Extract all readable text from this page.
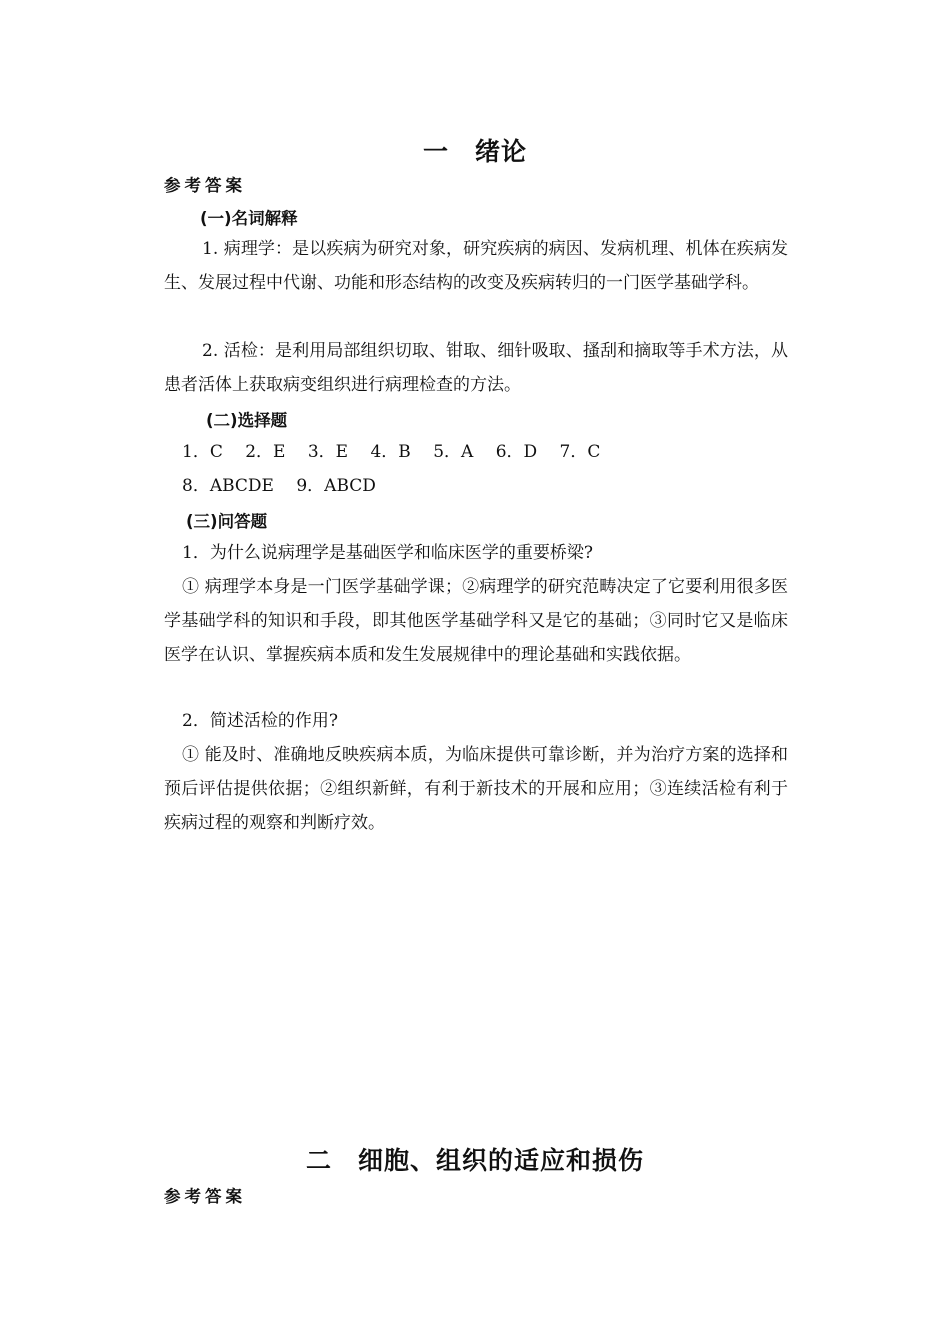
一　绪论
参考答案
(一)名词解释
1. 病理学：是以疾病为研究对象，研究疾病的病因、发病机理、机体在疾病发生、发展过程中代谢、功能和形态结构的改变及疾病转归的一门医学基础学科。
2. 活检：是利用局部组织切取、钳取、细针吸取、搔刮和摘取等手术方法，从患者活体上获取病变组织进行病理检查的方法。
(二)选择题
1．C　 2．E　 3．E　 4．B　 5．A　 6．D　 7．C
8．ABCDE　 9．ABCD
(三)问答题
1．为什么说病理学是基础医学和临床医学的重要桥梁?
① 病理学本身是一门医学基础学课；②病理学的研究范畴决定了它要利用很多医学基础学科的知识和手段，即其他医学基础学科又是它的基础；③同时它又是临床医学在认识、掌握疾病本质和发生发展规律中的理论基础和实践依据。
2．简述活检的作用?
① 能及时、准确地反映疾病本质，为临床提供可靠诊断，并为治疗方案的选择和预后评估提供依据；②组织新鲜，有利于新技术的开展和应用；③连续活检有利于疾病过程的观察和判断疗效。
二　细胞、组织的适应和损伤
参考答案
